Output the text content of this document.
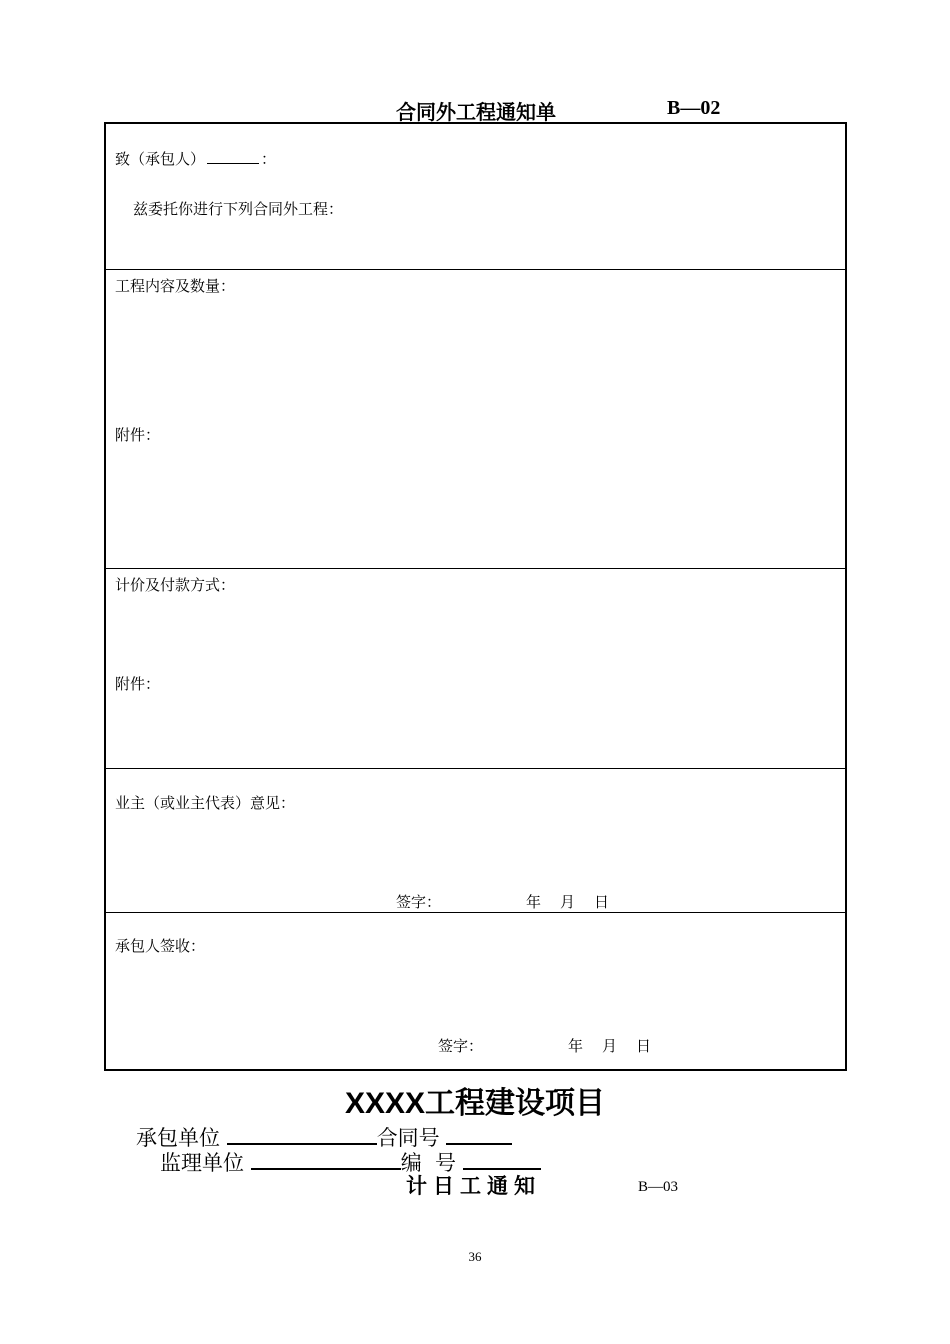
合同外工程通知单	B—02
致（承包人）	：
兹委托你进行下列合同外工程：
工程内容及数量：
附件：
计价及付款方式：
附件：
业主（或业主代表）意见：
签字：	年 月 日
承包人签收：
签字：	年 月 日
XXXX工程建设项目
承包单位	合同号
监理单位	编  号
计日工通知	B—03
36
